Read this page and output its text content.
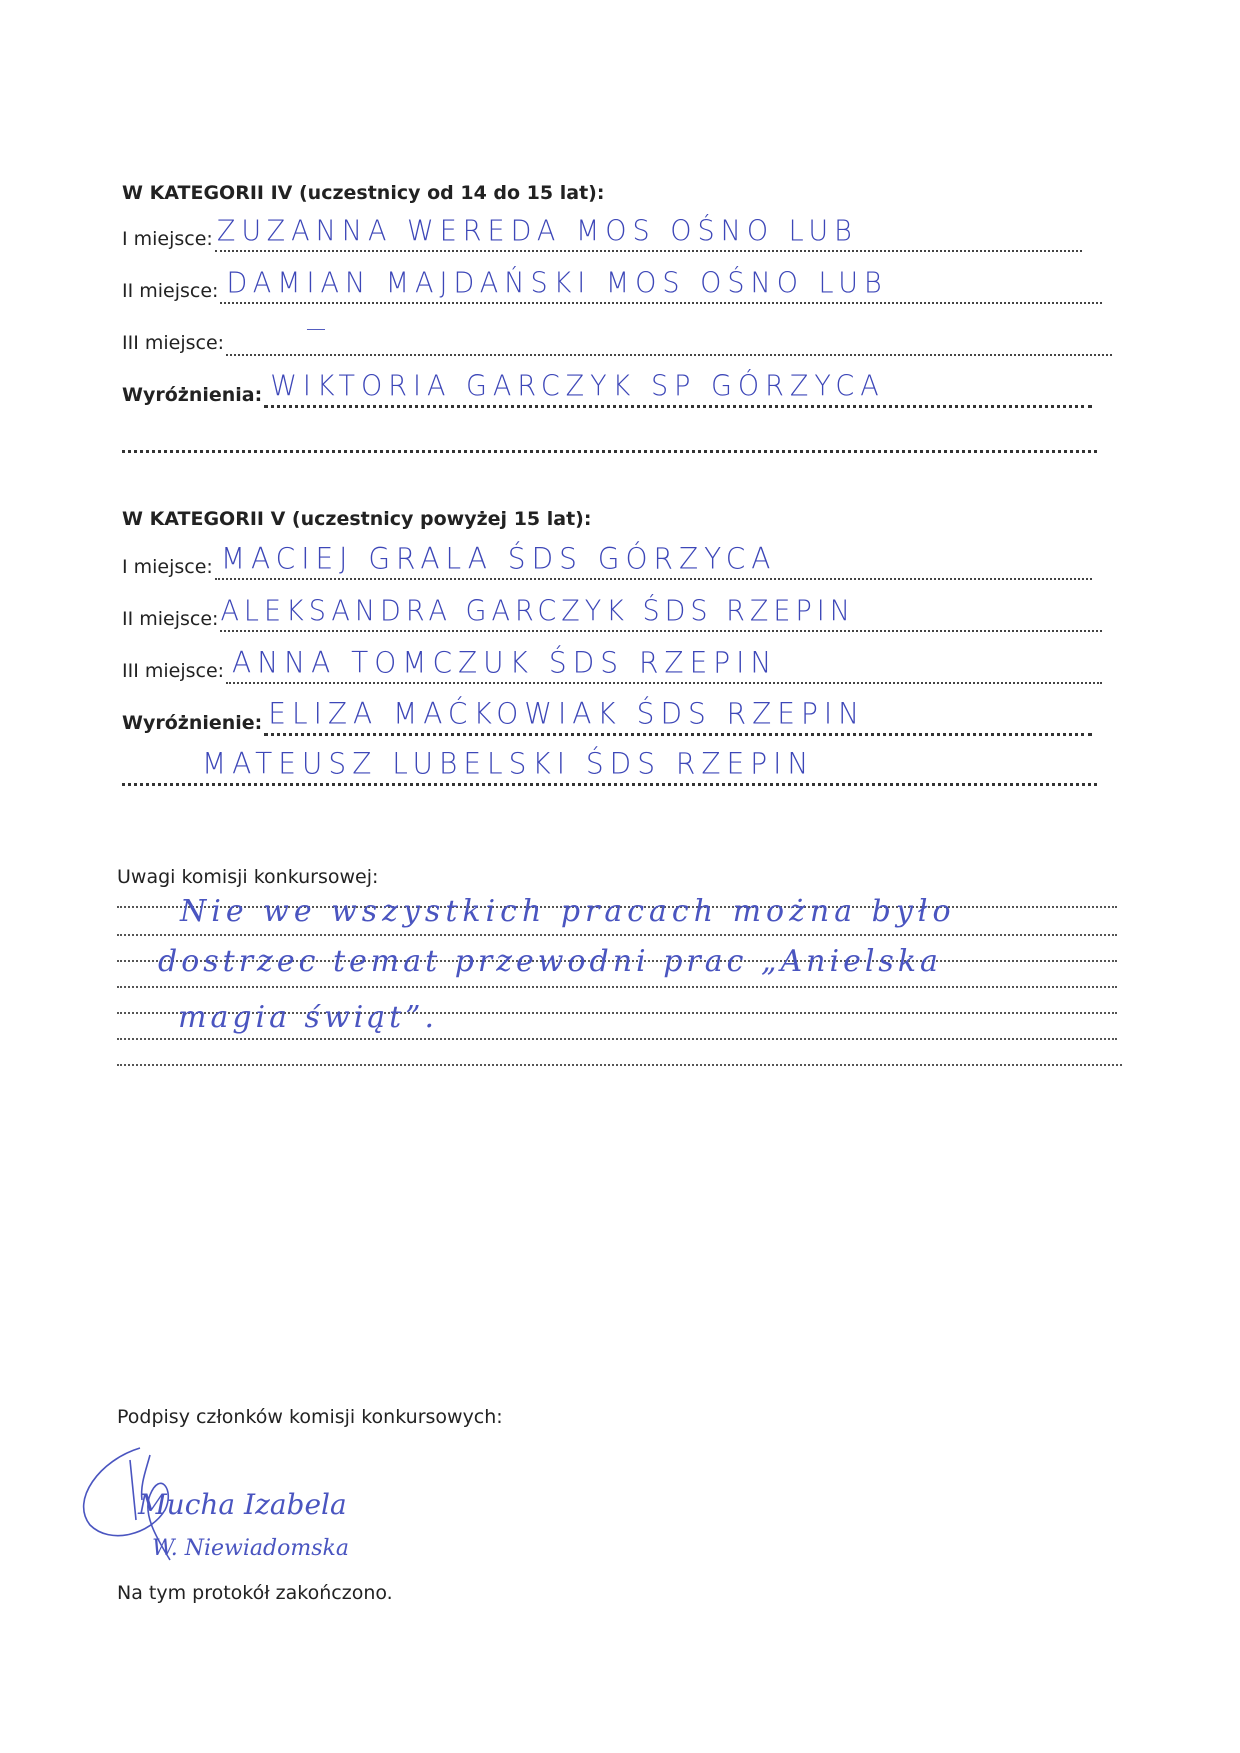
W KATEGORII IV (uczestnicy od 14 do 15 lat):
I miejsce: ZUZANNA WEREDA MOS OŚNO LUB
II miejsce: DAMIAN MAJDAŃSKI MOS OŚNO LUB
III miejsce:
—
Wyróżnienia: WIKTORIA GARCZYK SP GÓRZYCA
W KATEGORII V (uczestnicy powyżej 15 lat):
I miejsce: MACIEJ GRALA ŚDS GÓRZYCA
II miejsce: ALEKSANDRA GARCZYK ŚDS RZEPIN
III miejsce: ANNA TOMCZUK ŚDS RZEPIN
Wyróżnienie: ELIZA MAĆKOWIAK ŚDS RZEPIN
MATEUSZ LUBELSKI ŚDS RZEPIN
Uwagi komisji konkursowej:
Nie we wszystkich pracach można było
dostrzec temat przewodni prac „Anielska
magia świąt”.
Podpisy członków komisji konkursowych:
Mucha Izabela
W. Niewiadomska
Na tym protokół zakończono.
